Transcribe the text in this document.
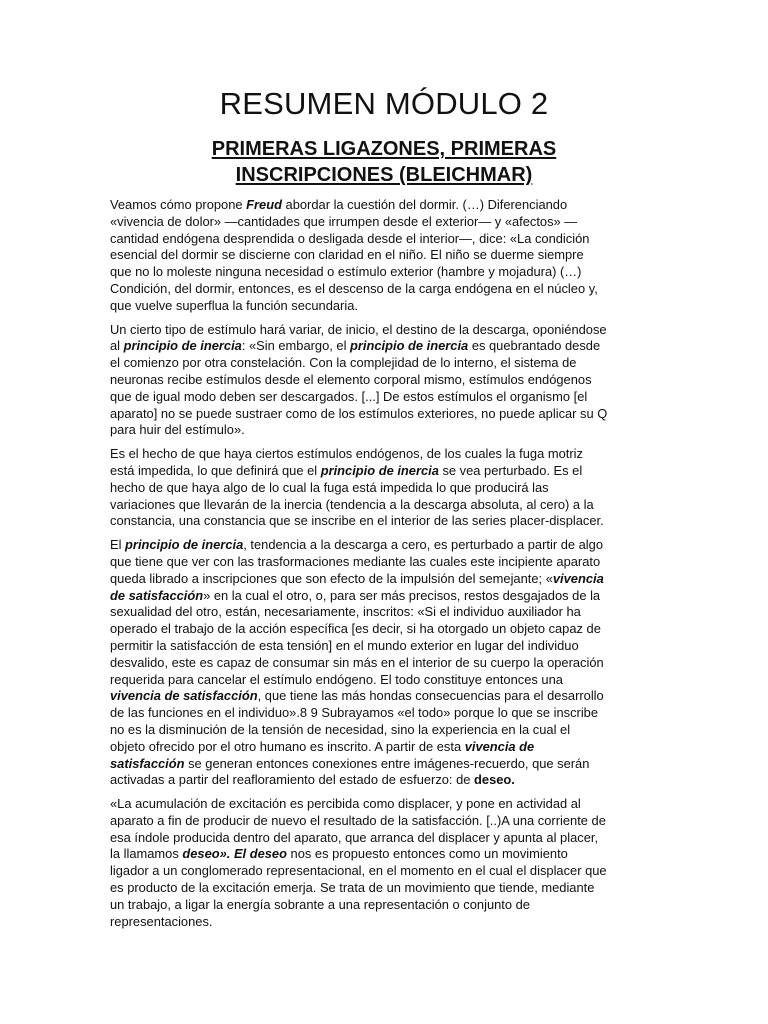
RESUMEN MÓDULO 2
PRIMERAS LIGAZONES, PRIMERAS
INSCRIPCIONES (BLEICHMAR)

Veamos cómo propone Freud abordar la cuestión del dormir. (…) Diferenciando
«vivencia de dolor» —cantidades que irrumpen desde el exterior— y «afectos» —
cantidad endógena desprendida o desligada desde el interior—, dice: «La condición
esencial del dormir se discierne con claridad en el niño. El niño se duerme siempre
que no lo moleste ninguna necesidad o estímulo exterior (hambre y mojadura) (…)
Condición, del dormir, entonces, es el descenso de la carga endógena en el núcleo y,
que vuelve superflua la función secundaria.

Un cierto tipo de estímulo hará variar, de inicio, el destino de la descarga, oponiéndose
al principio de inercia: «Sin embargo, el principio de inercia es quebrantado desde
el comienzo por otra constelación. Con la complejidad de lo interno, el sistema de
neuronas recibe estímulos desde el elemento corporal mismo, estímulos endógenos
que de igual modo deben ser descargados. [...] De estos estímulos el organismo [el
aparato] no se puede sustraer como de los estímulos exteriores, no puede aplicar su Q
para huir del estímulo».

Es el hecho de que haya ciertos estímulos endógenos, de los cuales la fuga motriz
está impedida, lo que definirá que el principio de inercia se vea perturbado. Es el
hecho de que haya algo de lo cual la fuga está impedida lo que producirá las
variaciones que llevarán de la inercia (tendencia a la descarga absoluta, al cero) a la
constancia, una constancia que se inscribe en el interior de las series placer-displacer.

El principio de inercia, tendencia a la descarga a cero, es perturbado a partir de algo
que tiene que ver con las trasformaciones mediante las cuales este incipiente aparato
queda librado a inscripciones que son efecto de la impulsión del semejante; «vivencia
de satisfacción» en la cual el otro, o, para ser más precisos, restos desgajados de la
sexualidad del otro, están, necesariamente, inscritos: «Si el individuo auxiliador ha
operado el trabajo de la acción específica [es decir, si ha otorgado un objeto capaz de
permitir la satisfacción de esta tensión] en el mundo exterior en lugar del individuo
desvalido, este es capaz de consumar sin más en el interior de su cuerpo la operación
requerida para cancelar el estímulo endógeno. El todo constituye entonces una
vivencia de satisfacción, que tiene las más hondas consecuencias para el desarrollo
de las funciones en el individuo».8 9 Subrayamos «el todo» porque lo que se inscribe
no es la disminución de la tensión de necesidad, sino la experiencia en la cual el
objeto ofrecido por el otro humano es inscrito. A partir de esta vivencia de
satisfacción se generan entonces conexiones entre imágenes-recuerdo, que serán
activadas a partir del reafloramiento del estado de esfuerzo: de deseo.

«La acumulación de excitación es percibida como displacer, y pone en actividad al
aparato a fin de producir de nuevo el resultado de la satisfacción. [..)A una corriente de
esa índole producida dentro del aparato, que arranca del displacer y apunta al placer,
la llamamos deseo». El deseo nos es propuesto entonces como un movimiento
ligador a un conglomerado representacional, en el momento en el cual el displacer que
es producto de la excitación emerja. Se trata de un movimiento que tiende, mediante
un trabajo, a ligar la energía sobrante a una representación o conjunto de
representaciones.
